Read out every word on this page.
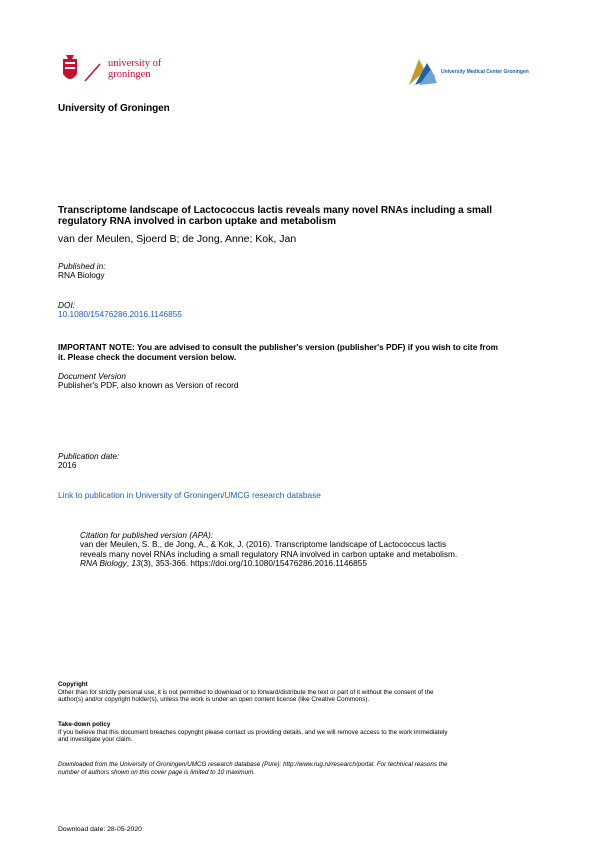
university of
groningen	University Medical Center Groningen
University of Groningen
Transcriptome landscape of Lactococcus lactis reveals many novel RNAs including a small
regulatory RNA involved in carbon uptake and metabolism
van der Meulen, Sjoerd B; de Jong, Anne; Kok, Jan
Published in:
RNA Biology
DOI:
10.1080/15476286.2016.1146855
IMPORTANT NOTE: You are advised to consult the publisher's version (publisher's PDF) if you wish to cite from
it. Please check the document version below.
Document Version
Publisher's PDF, also known as Version of record
Publication date:
2016
Link to publication in University of Groningen/UMCG research database
Citation for published version (APA):
van der Meulen, S. B., de Jong, A., & Kok, J. (2016). Transcriptome landscape of Lactococcus lactis
reveals many novel RNAs including a small regulatory RNA involved in carbon uptake and metabolism.
RNA Biology, 13(3), 353-366. https://doi.org/10.1080/15476286.2016.1146855
Copyright
Other than for strictly personal use, it is not permitted to download or to forward/distribute the text or part of it without the consent of the
author(s) and/or copyright holder(s), unless the work is under an open content license (like Creative Commons).
Take-down policy
If you believe that this document breaches copyright please contact us providing details, and we will remove access to the work immediately
and investigate your claim.
Downloaded from the University of Groningen/UMCG research database (Pure): http://www.rug.nl/research/portal. For technical reasons the
number of authors shown on this cover page is limited to 10 maximum.
Download date: 28-05-2020
